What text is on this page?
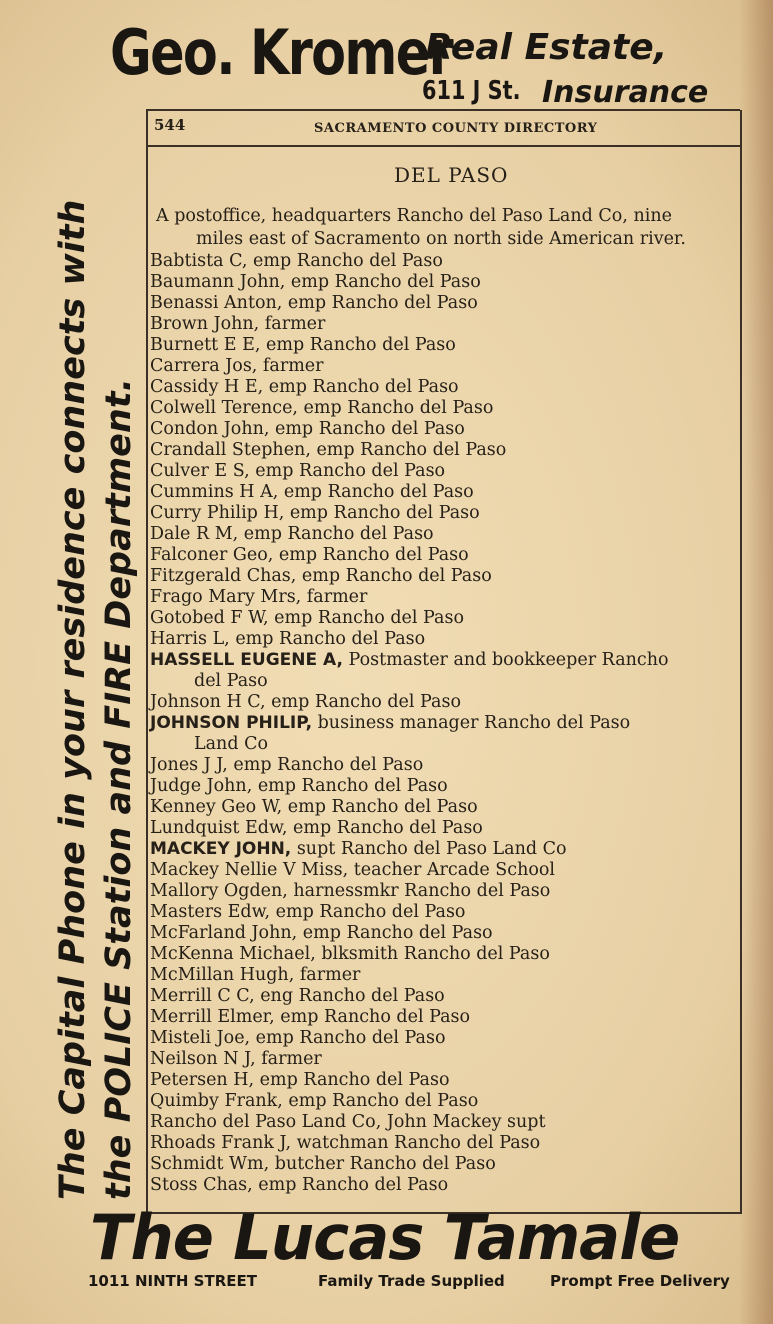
Geo. Kromer
Real Estate,
611 J St. Insurance
The Capital Phone in your residence connects with the POLICE Station and FIRE Department.
544	SACRAMENTO COUNTY DIRECTORY
DEL PASO
A postoffice, headquarters Rancho del Paso Land Co, nine
miles east of Sacramento on north side American river.
Babtista C, emp Rancho del Paso
Baumann John, emp Rancho del Paso
Benassi Anton, emp Rancho del Paso
Brown John, farmer
Burnett E E, emp Rancho del Paso
Carrera Jos, farmer
Cassidy H E, emp Rancho del Paso
Colwell Terence, emp Rancho del Paso
Condon John, emp Rancho del Paso
Crandall Stephen, emp Rancho del Paso
Culver E S, emp Rancho del Paso
Cummins H A, emp Rancho del Paso
Curry Philip H, emp Rancho del Paso
Dale R M, emp Rancho del Paso
Falconer Geo, emp Rancho del Paso
Fitzgerald Chas, emp Rancho del Paso
Frago Mary Mrs, farmer
Gotobed F W, emp Rancho del Paso
Harris L, emp Rancho del Paso
HASSELL EUGENE A, Postmaster and bookkeeper Rancho
del Paso
Johnson H C, emp Rancho del Paso
JOHNSON PHILIP, business manager Rancho del Paso
Land Co
Jones J J, emp Rancho del Paso
Judge John, emp Rancho del Paso
Kenney Geo W, emp Rancho del Paso
Lundquist Edw, emp Rancho del Paso
MACKEY JOHN, supt Rancho del Paso Land Co
Mackey Nellie V Miss, teacher Arcade School
Mallory Ogden, harnessmkr Rancho del Paso
Masters Edw, emp Rancho del Paso
McFarland John, emp Rancho del Paso
McKenna Michael, blksmith Rancho del Paso
McMillan Hugh, farmer
Merrill C C, eng Rancho del Paso
Merrill Elmer, emp Rancho del Paso
Misteli Joe, emp Rancho del Paso
Neilson N J, farmer
Petersen H, emp Rancho del Paso
Quimby Frank, emp Rancho del Paso
Rancho del Paso Land Co, John Mackey supt
Rhoads Frank J, watchman Rancho del Paso
Schmidt Wm, butcher Rancho del Paso
Stoss Chas, emp Rancho del Paso
The Lucas Tamale
1011 NINTH STREET	Family Trade Supplied	Prompt Free Delivery
